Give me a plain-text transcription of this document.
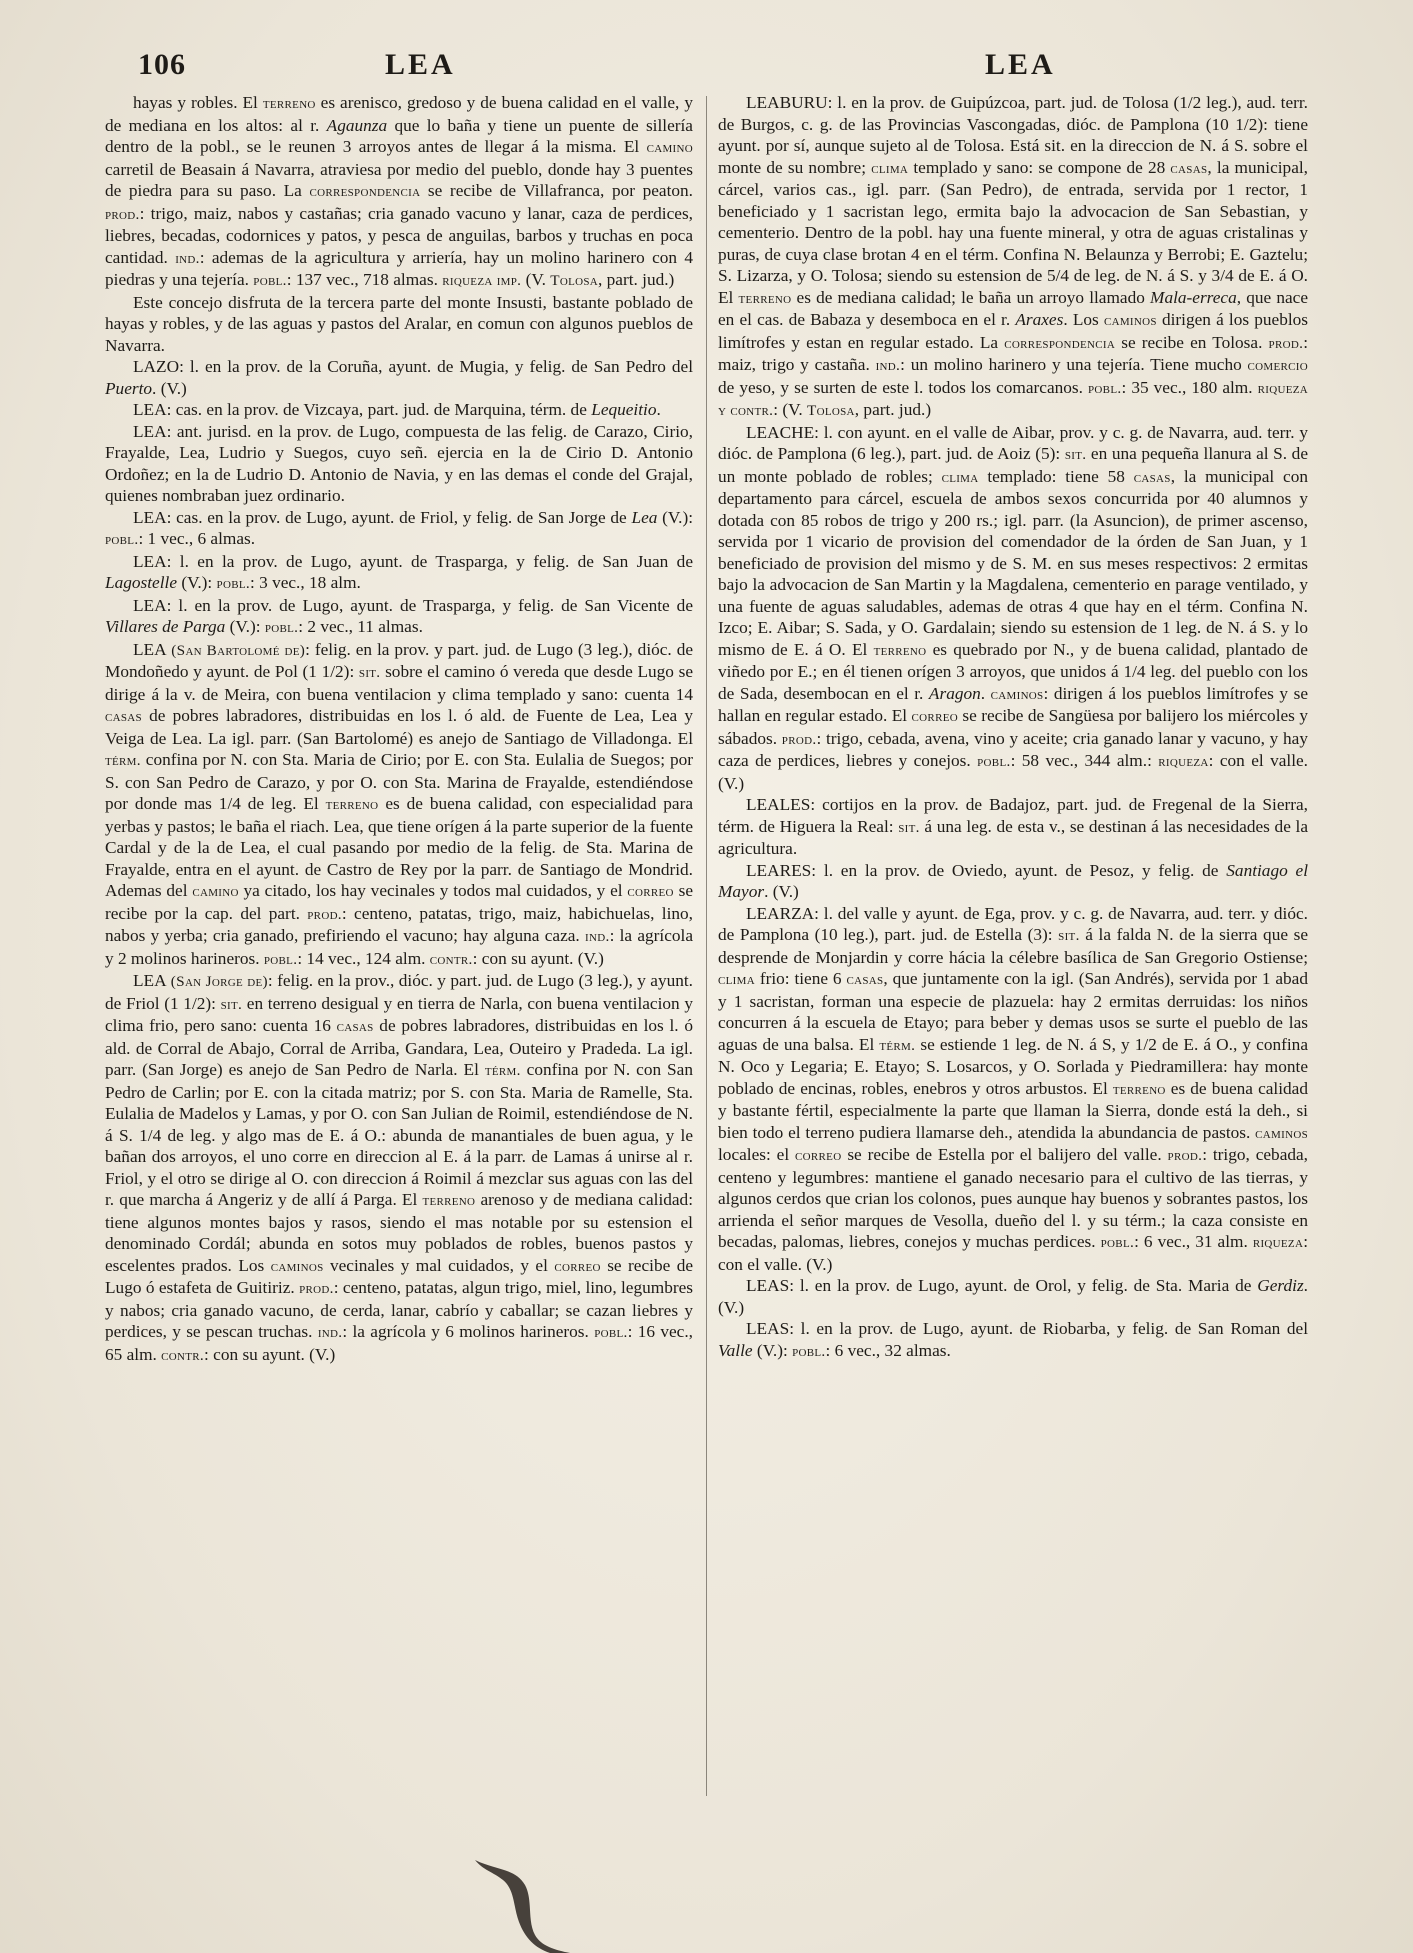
106	LEA	LEA

hayas y robles. El terreno es arenisco, gredoso y de buena calidad en el valle, y de mediana en los altos: al r. Agaunza que lo baña y tiene un puente de sillería dentro de la pobl., se le reunen 3 arroyos antes de llegar á la misma. El camino carretil de Beasain á Navarra, atraviesa por medio del pueblo, donde hay 3 puentes de piedra para su paso. La correspondencia se recibe de Villafranca, por peaton. prod.: trigo, maiz, nabos y castañas; cria ganado vacuno y lanar, caza de perdices, liebres, becadas, codornices y patos, y pesca de anguilas, barbos y truchas en poca cantidad. ind.: ademas de la agricultura y arriería, hay un molino harinero con 4 piedras y una tejería. pobl.: 137 vec., 718 almas. riqueza imp. (V. Tolosa, part. jud.)

Este concejo disfruta de la tercera parte del monte Insusti, bastante poblado de hayas y robles, y de las aguas y pastos del Aralar, en comun con algunos pueblos de Navarra.

LAZO: l. en la prov. de la Coruña, ayunt. de Mugia, y felig. de San Pedro del Puerto. (V.)

LEA: cas. en la prov. de Vizcaya, part. jud. de Marquina, térm. de Lequeitio.

LEA: ant. jurisd. en la prov. de Lugo, compuesta de las felig. de Carazo, Cirio, Frayalde, Lea, Ludrio y Suegos, cuyo señ. ejercia en la de Cirio D. Antonio Ordoñez; en la de Ludrio D. Antonio de Navia, y en las demas el conde del Grajal, quienes nombraban juez ordinario.

LEA: cas. en la prov. de Lugo, ayunt. de Friol, y felig. de San Jorge de Lea (V.): pobl.: 1 vec., 6 almas.

LEA: l. en la prov. de Lugo, ayunt. de Trasparga, y felig. de San Juan de Lagostelle (V.): pobl.: 3 vec., 18 alm.

LEA: l. en la prov. de Lugo, ayunt. de Trasparga, y felig. de San Vicente de Villares de Parga (V.): pobl.: 2 vec., 11 almas.

LEA (San Bartolomé de): felig. en la prov. y part. jud. de Lugo (3 leg.), dióc. de Mondoñedo y ayunt. de Pol (1 1/2): sit. sobre el camino ó vereda que desde Lugo se dirige á la v. de Meira, con buena ventilacion y clima templado y sano: cuenta 14 casas de pobres labradores, distribuidas en los l. ó ald. de Fuente de Lea, Lea y Veiga de Lea. La igl. parr. (San Bartolomé) es anejo de Santiago de Villadonga. El térm. confina por N. con Sta. Maria de Cirio; por E. con Sta. Eulalia de Suegos; por S. con San Pedro de Carazo, y por O. con Sta. Marina de Frayalde, estendiéndose por donde mas 1/4 de leg. El terreno es de buena calidad, con especialidad para yerbas y pastos; le baña el riach. Lea, que tiene orígen á la parte superior de la fuente Cardal y de la de Lea, el cual pasando por medio de la felig. de Sta. Marina de Frayalde, entra en el ayunt. de Castro de Rey por la parr. de Santiago de Mondrid. Ademas del camino ya citado, los hay vecinales y todos mal cuidados, y el correo se recibe por la cap. del part. prod.: centeno, patatas, trigo, maiz, habichuelas, lino, nabos y yerba; cria ganado, prefiriendo el vacuno; hay alguna caza. ind.: la agrícola y 2 molinos harineros. pobl.: 14 vec., 124 alm. contr.: con su ayunt. (V.)

LEA (San Jorge de): felig. en la prov., dióc. y part. jud. de Lugo (3 leg.), y ayunt. de Friol (1 1/2): sit. en terreno desigual y en tierra de Narla, con buena ventilacion y clima frio, pero sano: cuenta 16 casas de pobres labradores, distribuidas en los l. ó ald. de Corral de Abajo, Corral de Arriba, Gandara, Lea, Outeiro y Pradeda. La igl. parr. (San Jorge) es anejo de San Pedro de Narla. El térm. confina por N. con San Pedro de Carlin; por E. con la citada matriz; por S. con Sta. Maria de Ramelle, Sta. Eulalia de Madelos y Lamas, y por O. con San Julian de Roimil, estendiéndose de N. á S. 1/4 de leg. y algo mas de E. á O.: abunda de manantiales de buen agua, y le bañan dos arroyos, el uno corre en direccion al E. á la parr. de Lamas á unirse al r. Friol, y el otro se dirige al O. con direccion á Roimil á mezclar sus aguas con las del r. que marcha á Angeriz y de allí á Parga. El terreno arenoso y de mediana calidad: tiene algunos montes bajos y rasos, siendo el mas notable por su estension el denominado Cordál; abunda en sotos muy poblados de robles, buenos pastos y escelentes prados. Los caminos vecinales y mal cuidados, y el correo se recibe de Lugo ó estafeta de Guitiriz. prod.: centeno, patatas, algun trigo, miel, lino, legumbres y nabos; cria ganado vacuno, de cerda, lanar, cabrío y caballar; se cazan liebres y perdices, y se pescan truchas. ind.: la agrícola y 6 molinos harineros. pobl.: 16 vec., 65 alm. contr.: con su ayunt. (V.)

LEABURU: l. en la prov. de Guipúzcoa, part. jud. de Tolosa (1/2 leg.), aud. terr. de Burgos, c. g. de las Provincias Vascongadas, dióc. de Pamplona (10 1/2): tiene ayunt. por sí, aunque sujeto al de Tolosa. Está sit. en la direccion de N. á S. sobre el monte de su nombre; clima templado y sano: se compone de 28 casas, la municipal, cárcel, varios cas., igl. parr. (San Pedro), de entrada, servida por 1 rector, 1 beneficiado y 1 sacristan lego, ermita bajo la advocacion de San Sebastian, y cementerio. Dentro de la pobl. hay una fuente mineral, y otra de aguas cristalinas y puras, de cuya clase brotan 4 en el térm. Confina N. Belaunza y Berrobi; E. Gaztelu; S. Lizarza, y O. Tolosa; siendo su estension de 5/4 de leg. de N. á S. y 3/4 de E. á O. El terreno es de mediana calidad; le baña un arroyo llamado Mala-erreca, que nace en el cas. de Babaza y desemboca en el r. Araxes. Los caminos dirigen á los pueblos limítrofes y estan en regular estado. La correspondencia se recibe en Tolosa. prod.: maiz, trigo y castaña. ind.: un molino harinero y una tejería. Tiene mucho comercio de yeso, y se surten de este l. todos los comarcanos. pobl.: 35 vec., 180 alm. riqueza y contr.: (V. Tolosa, part. jud.)

LEACHE: l. con ayunt. en el valle de Aibar, prov. y c. g. de Navarra, aud. terr. y dióc. de Pamplona (6 leg.), part. jud. de Aoiz (5): sit. en una pequeña llanura al S. de un monte poblado de robles; clima templado: tiene 58 casas, la municipal con departamento para cárcel, escuela de ambos sexos concurrida por 40 alumnos y dotada con 85 robos de trigo y 200 rs.; igl. parr. (la Asuncion), de primer ascenso, servida por 1 vicario de provision del comendador de la órden de San Juan, y 1 beneficiado de provision del mismo y de S. M. en sus meses respectivos: 2 ermitas bajo la advocacion de San Martin y la Magdalena, cementerio en parage ventilado, y una fuente de aguas saludables, ademas de otras 4 que hay en el térm. Confina N. Izco; E. Aibar; S. Sada, y O. Gardalain; siendo su estension de 1 leg. de N. á S. y lo mismo de E. á O. El terreno es quebrado por N., y de buena calidad, plantado de viñedo por E.; en él tienen orígen 3 arroyos, que unidos á 1/4 leg. del pueblo con los de Sada, desembocan en el r. Aragon. caminos: dirigen á los pueblos limítrofes y se hallan en regular estado. El correo se recibe de Sangüesa por balijero los miércoles y sábados. prod.: trigo, cebada, avena, vino y aceite; cria ganado lanar y vacuno, y hay caza de perdices, liebres y conejos. pobl.: 58 vec., 344 alm.: riqueza: con el valle. (V.)

LEALES: cortijos en la prov. de Badajoz, part. jud. de Fregenal de la Sierra, térm. de Higuera la Real: sit. á una leg. de esta v., se destinan á las necesidades de la agricultura.

LEARES: l. en la prov. de Oviedo, ayunt. de Pesoz, y felig. de Santiago el Mayor. (V.)

LEARZA: l. del valle y ayunt. de Ega, prov. y c. g. de Navarra, aud. terr. y dióc. de Pamplona (10 leg.), part. jud. de Estella (3): sit. á la falda N. de la sierra que se desprende de Monjardin y corre hácia la célebre basílica de San Gregorio Ostiense; clima frio: tiene 6 casas, que juntamente con la igl. (San Andrés), servida por 1 abad y 1 sacristan, forman una especie de plazuela: hay 2 ermitas derruidas: los niños concurren á la escuela de Etayo; para beber y demas usos se surte el pueblo de las aguas de una balsa. El térm. se estiende 1 leg. de N. á S, y 1/2 de E. á O., y confina N. Oco y Legaria; E. Etayo; S. Losarcos, y O. Sorlada y Piedramillera: hay monte poblado de encinas, robles, enebros y otros arbustos. El terreno es de buena calidad y bastante fértil, especialmente la parte que llaman la Sierra, donde está la deh., si bien todo el terreno pudiera llamarse deh., atendida la abundancia de pastos. caminos locales: el correo se recibe de Estella por el balijero del valle. prod.: trigo, cebada, centeno y legumbres: mantiene el ganado necesario para el cultivo de las tierras, y algunos cerdos que crian los colonos, pues aunque hay buenos y sobrantes pastos, los arrienda el señor marques de Vesolla, dueño del l. y su térm.; la caza consiste en becadas, palomas, liebres, conejos y muchas perdices. pobl.: 6 vec., 31 alm. riqueza: con el valle. (V.)

LEAS: l. en la prov. de Lugo, ayunt. de Orol, y felig. de Sta. Maria de Gerdiz. (V.)

LEAS: l. en la prov. de Lugo, ayunt. de Riobarba, y felig. de San Roman del Valle (V.): pobl.: 6 vec., 32 almas.
